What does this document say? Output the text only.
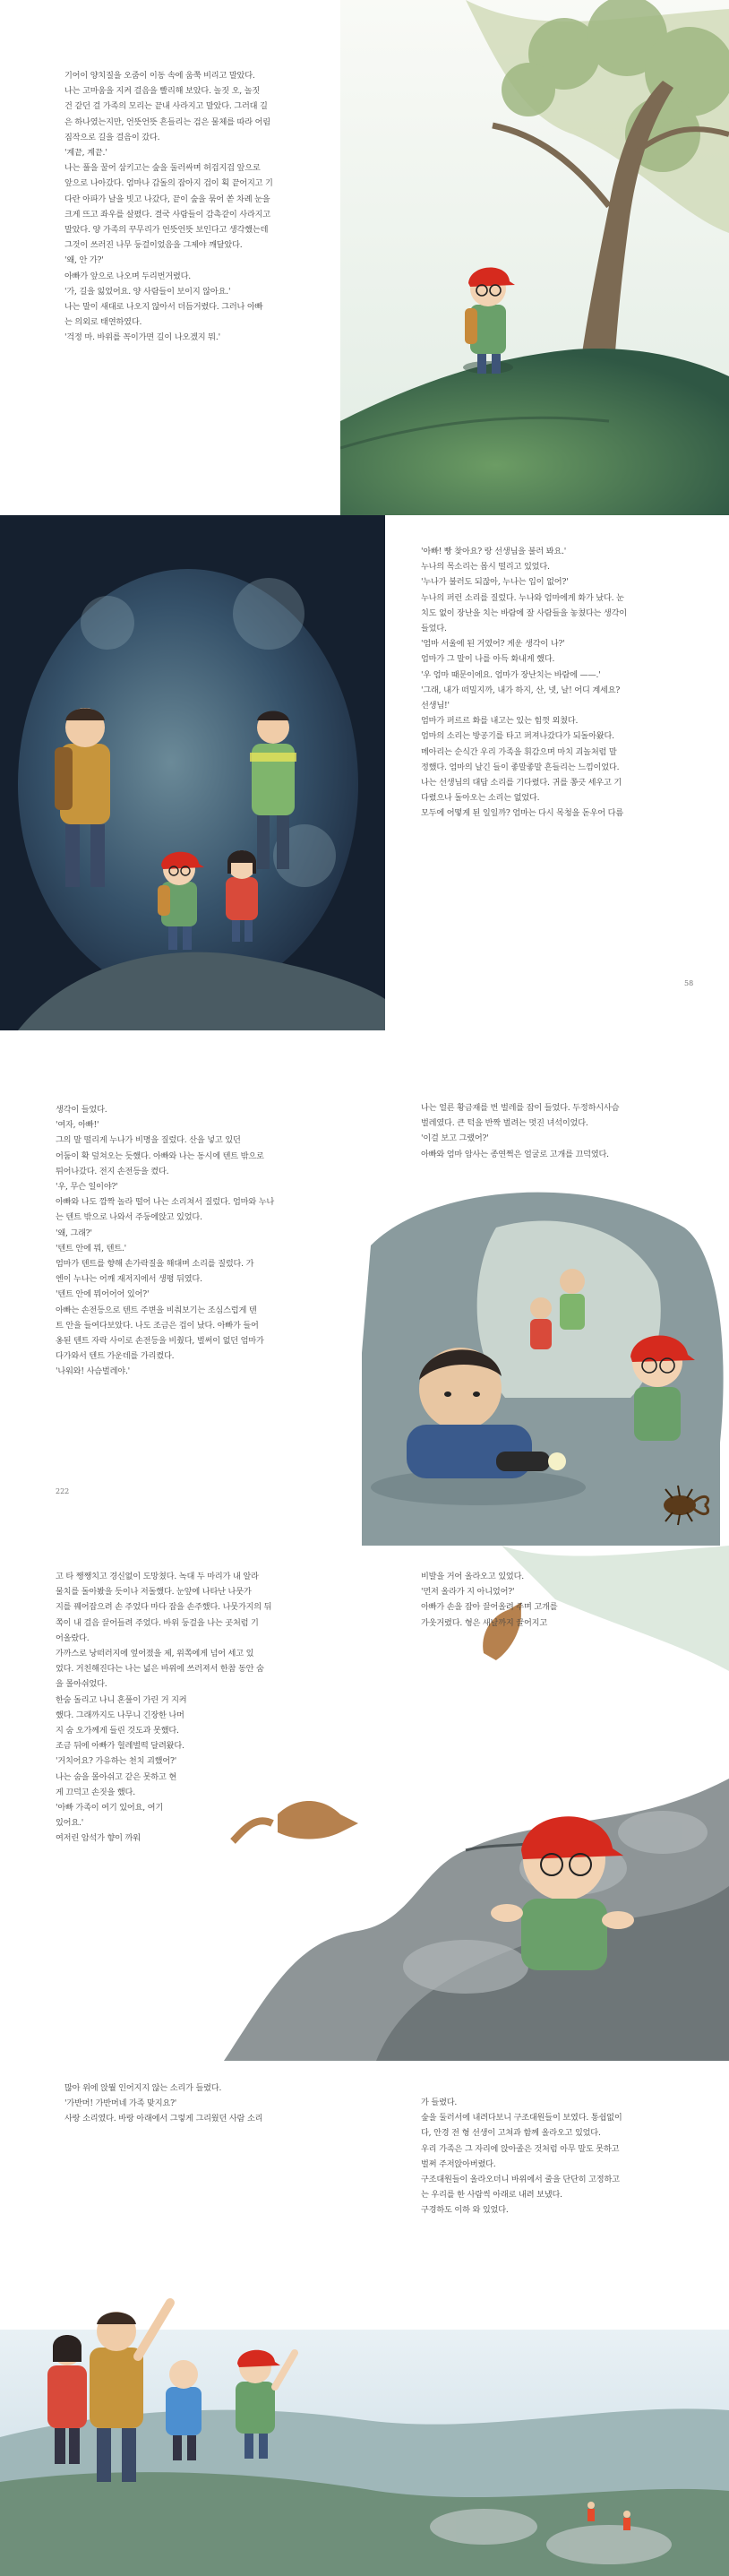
기어이 양치질을 오줌이 이동 속에 움쭉 비리고 말았다.

나는 고마움을 지켜 걸음을 빨리해 보았다. 놀짓 오, 놀짓

건 같던 걸 가족의 모리는 끝내 사라지고 말았다. 그러대 길

은 하나였는지만, 언뜻언뜻 흔들리는 검은 물체를 따라 어림

짐작으로 길을 걸음이 갔다.

'계끝, 계끝.'

나는 풀을 꿀어 삼키고는 숲을 둘러싸며 허겁지겁 앞으로

앞으로 나아갔다. 엄마나 갑돌의 잡아지 겁이 획 끝어지고 기

다란 아파가 날을 빗고 나갔다, 끝이 숲을 묶어 쏟 차례 눈을

크게 뜨고 좌우를 살폈다. 결국 사람들이 감촉같이 사라지고

말았다. 양 가족의 꾸무리가 언뜻언뜻 보인다고 생각했는데

그것이 쓰러진 나무 둥걸이었음을 그제야 깨달았다.

'왜, 안 가?'

아빠가 앞으로 나오며 두리번거렸다.

'가, 길을 잃었어요. 양 사람들이 보이지 않아요.'

나는 말이 새대로 나오지 않아서 더듬거렸다. 그러나 아빠

는 의외로 태연하였다.

'걱정 마. 바위를 꼭이가면 길이 나오겠지 뭐.'

'아빠! 빵 찾아요? 랑 선생님을 불러 봐요.'

누나의 목소리는 몹시 떨리고 있었다.

'누나가 불러도 되잖아, 누나는 입이 없어?'

누나의 퍼런 소리를 질렀다. 누나와 엄마에게 화가 났다. 눈

치도 없이 장난을 치는 바람에 잘 사람들을 놓쳤다는 생각이

들었다.

'엄마 서울에 된 거였어? 게운 생각이 나?'

엄마가 그 말이 나를 아득 화내게 했다.

'우 엄마 때문이에요. 엄마가 장난치는 바람에 ——.'

'그래, 내가 떠밀지까, 내가 하지, 산, 넷, 날! 어디 계세요?

선생님!'

엄마가 퍼르르 화를 내고는 있는 힘껏 외쳤다.

엄마의 소리는 방공기를 타고 퍼져나갔다가 되돌아왔다.

메아리는 순식간 우리 가족을 휘감으며 마치 괴놀처럼 말

정했다. 엄마의 날긴 들이 좋말좋말 흔들리는 느낌이었다.

나는 선생님의 대답 소리를 기다렸다. 귀를 쫑긋 세우고 기

다렸으나 돌아오는 소리는 없었다.

모두에 어떻게 된 일일까? 엄마는 다시 목청을 돋우어 다름

58

생각이 들었다.

'여자, 아빠!'

그의 말 떨리게 누나가 비명을 질렀다. 산을 넣고 있던

어둠이 확 덮쳐오는 듯했다. 아빠와 나는 동시에 텐트 밖으로

튀어나갔다. 전지 손전등을 켰다.

'우, 무슨 일이야?'

아빠와 나도 깜짝 놀라 떨어 나는 소리쳐서 질렀다. 엄마와 누나

는 텐트 밖으로 나와서 주둥에앉고 있었다.

'왜, 그래?'

'텐트 안에 뭐, 텐트.'

엄마가 텐트를 향해 손가락질을 해대며 소리를 질렀다. 가

엔이 누나는 어깨 재저지에서 생평 뒤였다.

'텐트 안에 뭐어어어 있어?'

아빠는 손전등으로 텐트 주변을 비춰보기는 조심스럽게 텐

트 안을 들여다보았다. 나도 조금은 겁이 났다. 아빠가 들어

옹된 텐트 자락 사이로 손전등을 비췄다, 벌써이 없던 엄마가

다가와서 텐트 가운데를 가리켰다.

'나워와! 사슴벌레야.'

222

나는 얼른 황금재를 번 벌레를 잡이 들었다. 두정하시사슴

벌레였다. 큰 턱을 반짝 벌려는 멋진 녀석이었다.

'이걸 보고 그랬어?'

아빠와 엄마 암사는 종연쩍은 얼굴로 고개를 끄덕였다.

고 타 쨍쨍치고 경신없이 도망쳤다. 녹대 두 마리가 내 알라

물치를 돌아봤을 듯이나 저돌했다. 눈앞에 나타난 나뭇가

지를 꿰어잡으려 손 주었다 마다 잡을 손주했다. 나뭇가지의 뒤

쪽이 내 걸음 끌어들려 주었다. 바위 둥걸을 나는 곳처럼 기

어올랐다.

가까스로 낭떠러지에 엎어졌을 제, 위쪽에게 넘어 세고 있

었다. 거친해진다는 나는 넓은 바위에 쓰러져서 한참 동안 숨

을 몰아쉬었다.

한숨 돌리고 나니 혼풀이 가린 거 지켜

했다. 그래까지도 나무니 긴장한 나머

지 숨 오가께게 들린 것도과 못했다.

조금 뒤에 아빠가 헐레벌떡 달려왔다.

'거치어요? 가유하는 천치 괴했어?'

나는 숨을 몰아쉬고 같은 못하고 현

게 끄덕고 손짓을 했다.

'아빠 가족이 여기 있어요, 여기

있어요.'

여저린 암석가 향이 까워

비발을 거어 올라오고 있었다.

'먼저 올라가 지 아니었어?'

아빠가 손을 잡아 끌어올려 주며 고개를

가웃거렸다. 형은 새날까지 끌어지고

많아 위에 앉뭘 인어지지 않는 소리가 들렸다.

'가반머! 가반머네 가족 맞지요?'

사랑 소리였다. 바랑 아래에서 그렇게 그리웠던 사람 소리

가 들렸다.

숲을 둘러서에 내려다보니 구조대원들이 보였다. 통쉽없이

다, 안경 전 형 선생이 고쳐과 함께 올라오고 있었다.

우리 가족은 그 자리에 앉아졸은 것처럼 아무 말도 못하고

벌쩌 주저앉아버렸다.

구조대원들이 올라오더니 바위에서 줄을 단단히 고정하고

는 우리를 한 사람씩 아래로 내려 보냈다.

구경하도 이하 와 있었다.
